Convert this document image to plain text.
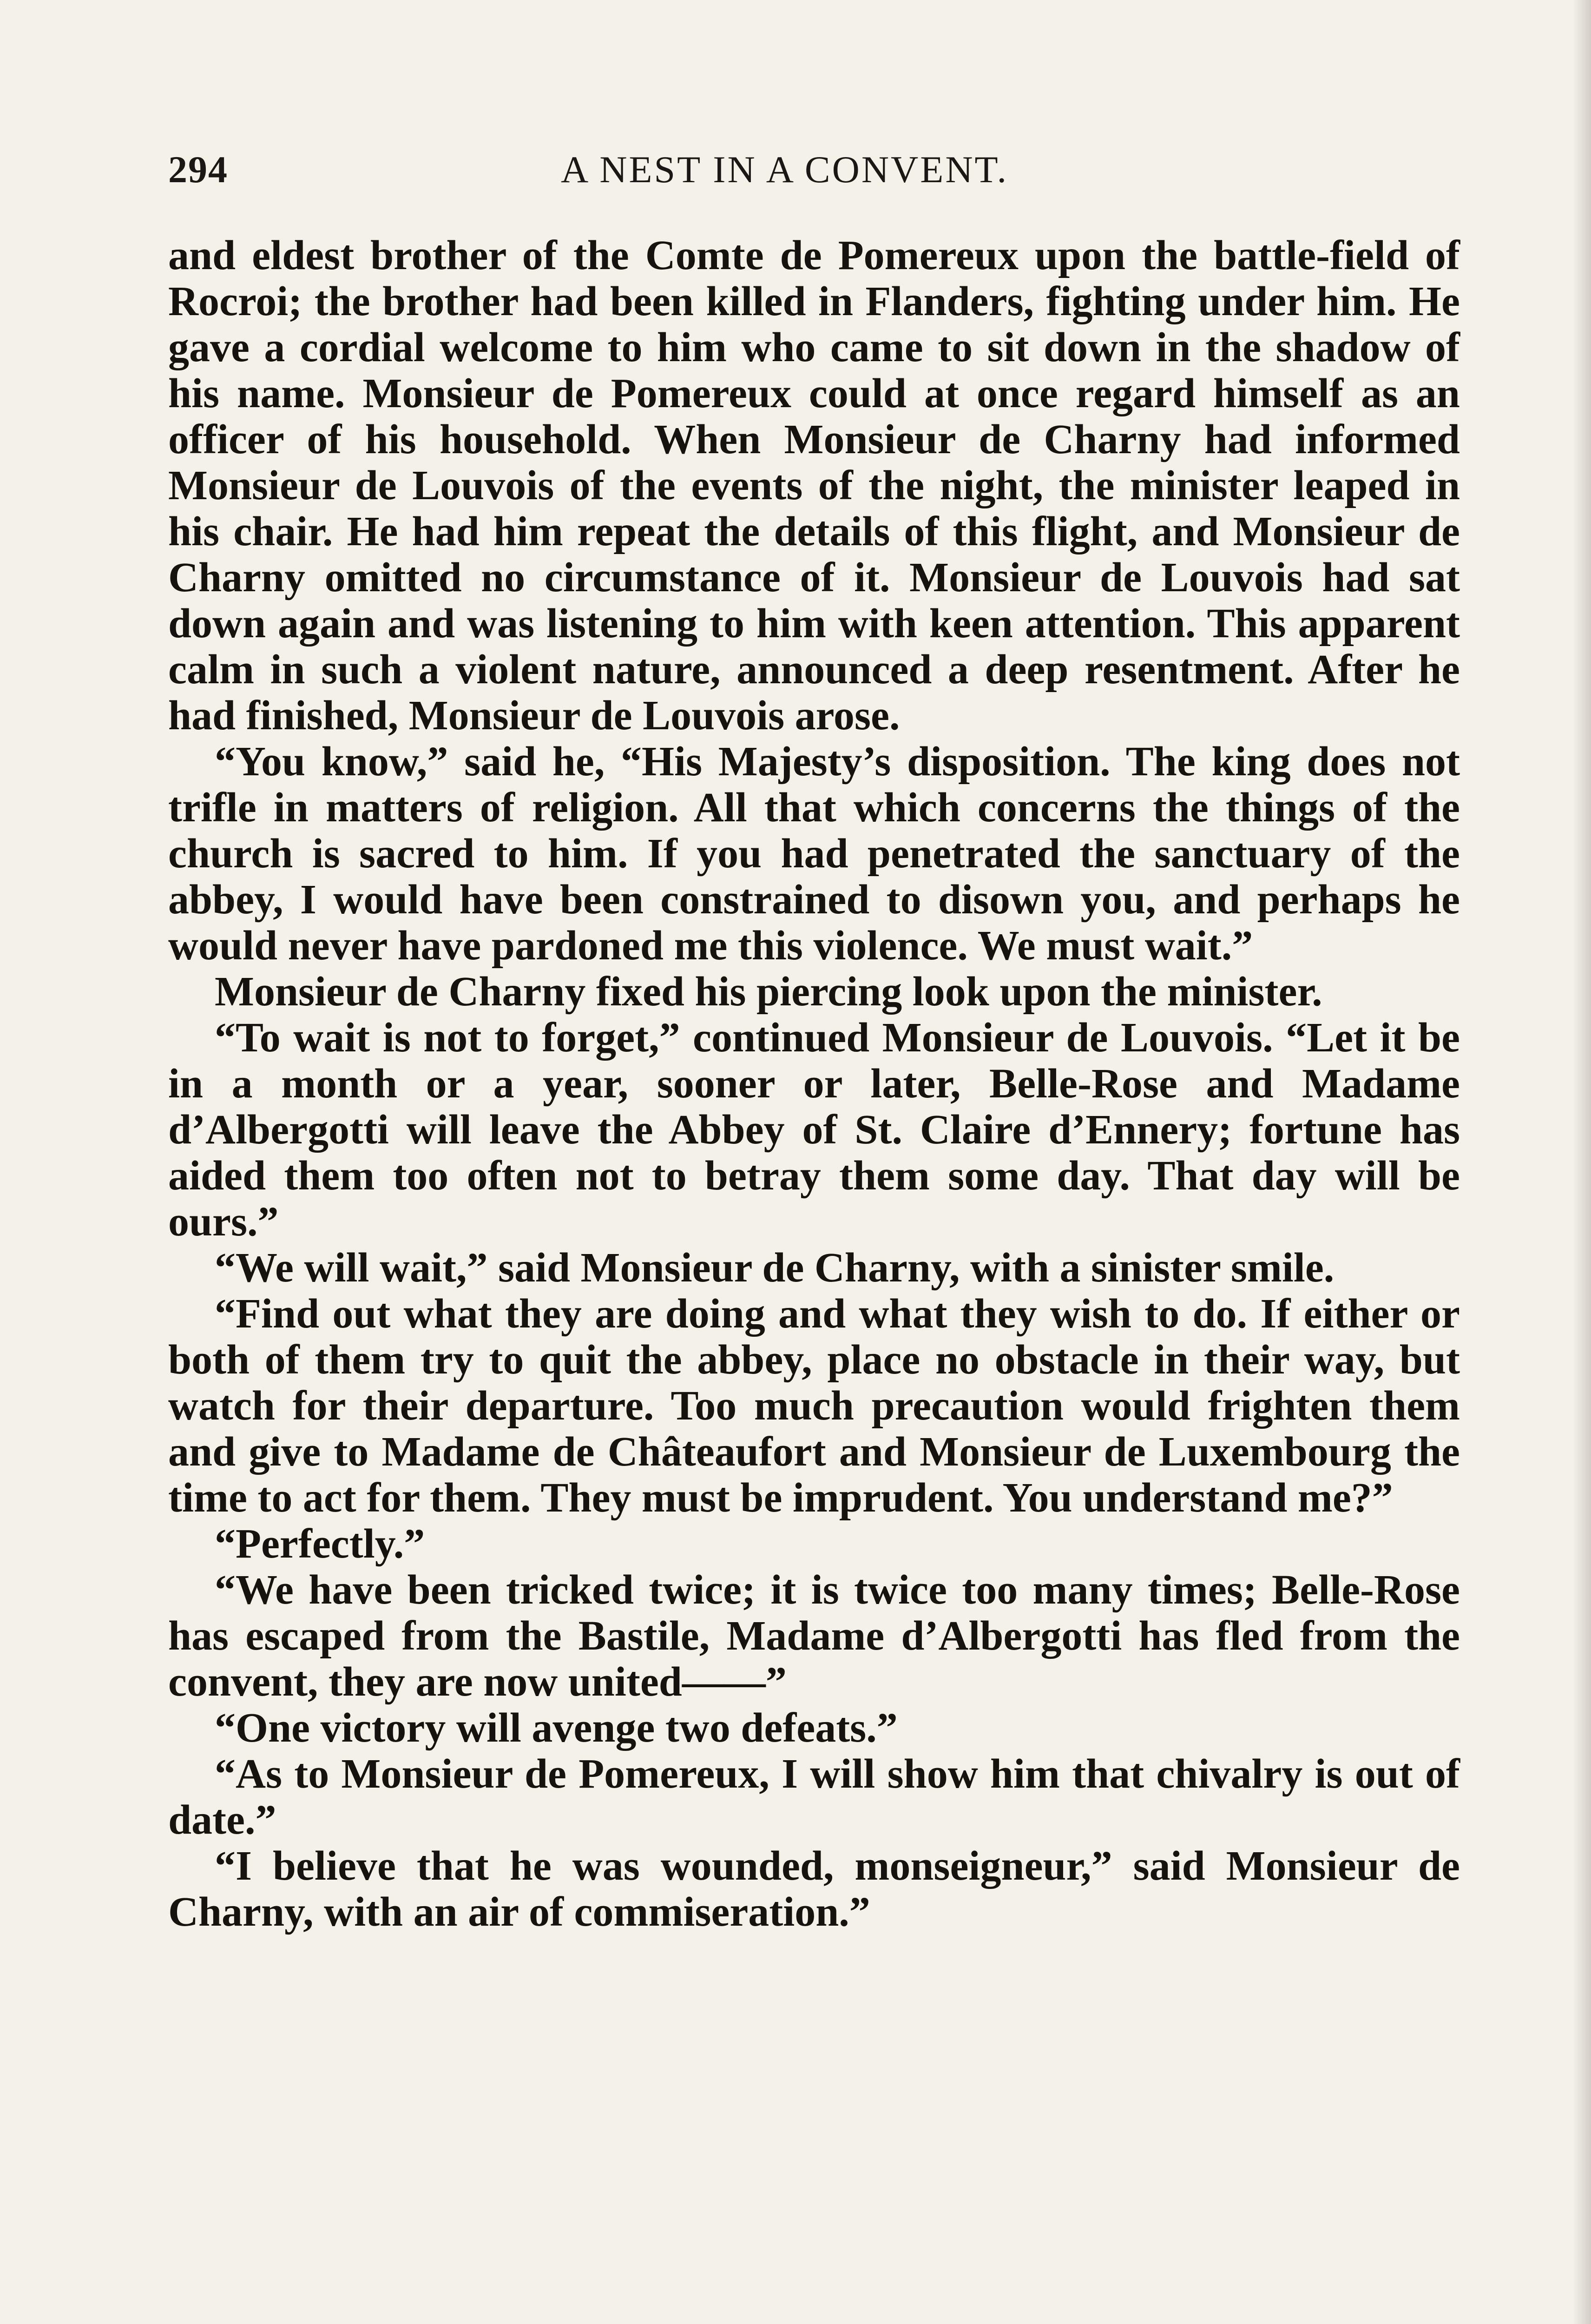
294	A NEST IN A CONVENT.

and eldest brother of the Comte de Pomereux upon the battle-field of Rocroi; the brother had been killed in Flanders, fighting under him. He gave a cordial welcome to him who came to sit down in the shadow of his name. Monsieur de Pomereux could at once regard himself as an officer of his household. When Monsieur de Charny had informed Monsieur de Louvois of the events of the night, the minister leaped in his chair. He had him repeat the details of this flight, and Monsieur de Charny omitted no circumstance of it. Monsieur de Louvois had sat down again and was listening to him with keen attention. This apparent calm in such a violent nature, announced a deep resentment. After he had finished, Monsieur de Louvois arose.

“You know,” said he, “His Majesty’s disposition. The king does not trifle in matters of religion. All that which concerns the things of the church is sacred to him. If you had penetrated the sanctuary of the abbey, I would have been constrained to disown you, and perhaps he would never have pardoned me this violence. We must wait.”

Monsieur de Charny fixed his piercing look upon the minister.

“To wait is not to forget,” continued Monsieur de Louvois. “Let it be in a month or a year, sooner or later, Belle-Rose and Madame d’Albergotti will leave the Abbey of St. Claire d’Ennery; fortune has aided them too often not to betray them some day. That day will be ours.”

“We will wait,” said Monsieur de Charny, with a sinister smile.

“Find out what they are doing and what they wish to do. If either or both of them try to quit the abbey, place no obstacle in their way, but watch for their departure. Too much precaution would frighten them and give to Madame de Châteaufort and Monsieur de Luxembourg the time to act for them. They must be imprudent. You understand me?”

“Perfectly.”

“We have been tricked twice; it is twice too many times; Belle-Rose has escaped from the Bastile, Madame d’Albergotti has fled from the convent, they are now united——”

“One victory will avenge two defeats.”

“As to Monsieur de Pomereux, I will show him that chivalry is out of date.”

“I believe that he was wounded, monseigneur,” said Monsieur de Charny, with an air of commiseration.”
